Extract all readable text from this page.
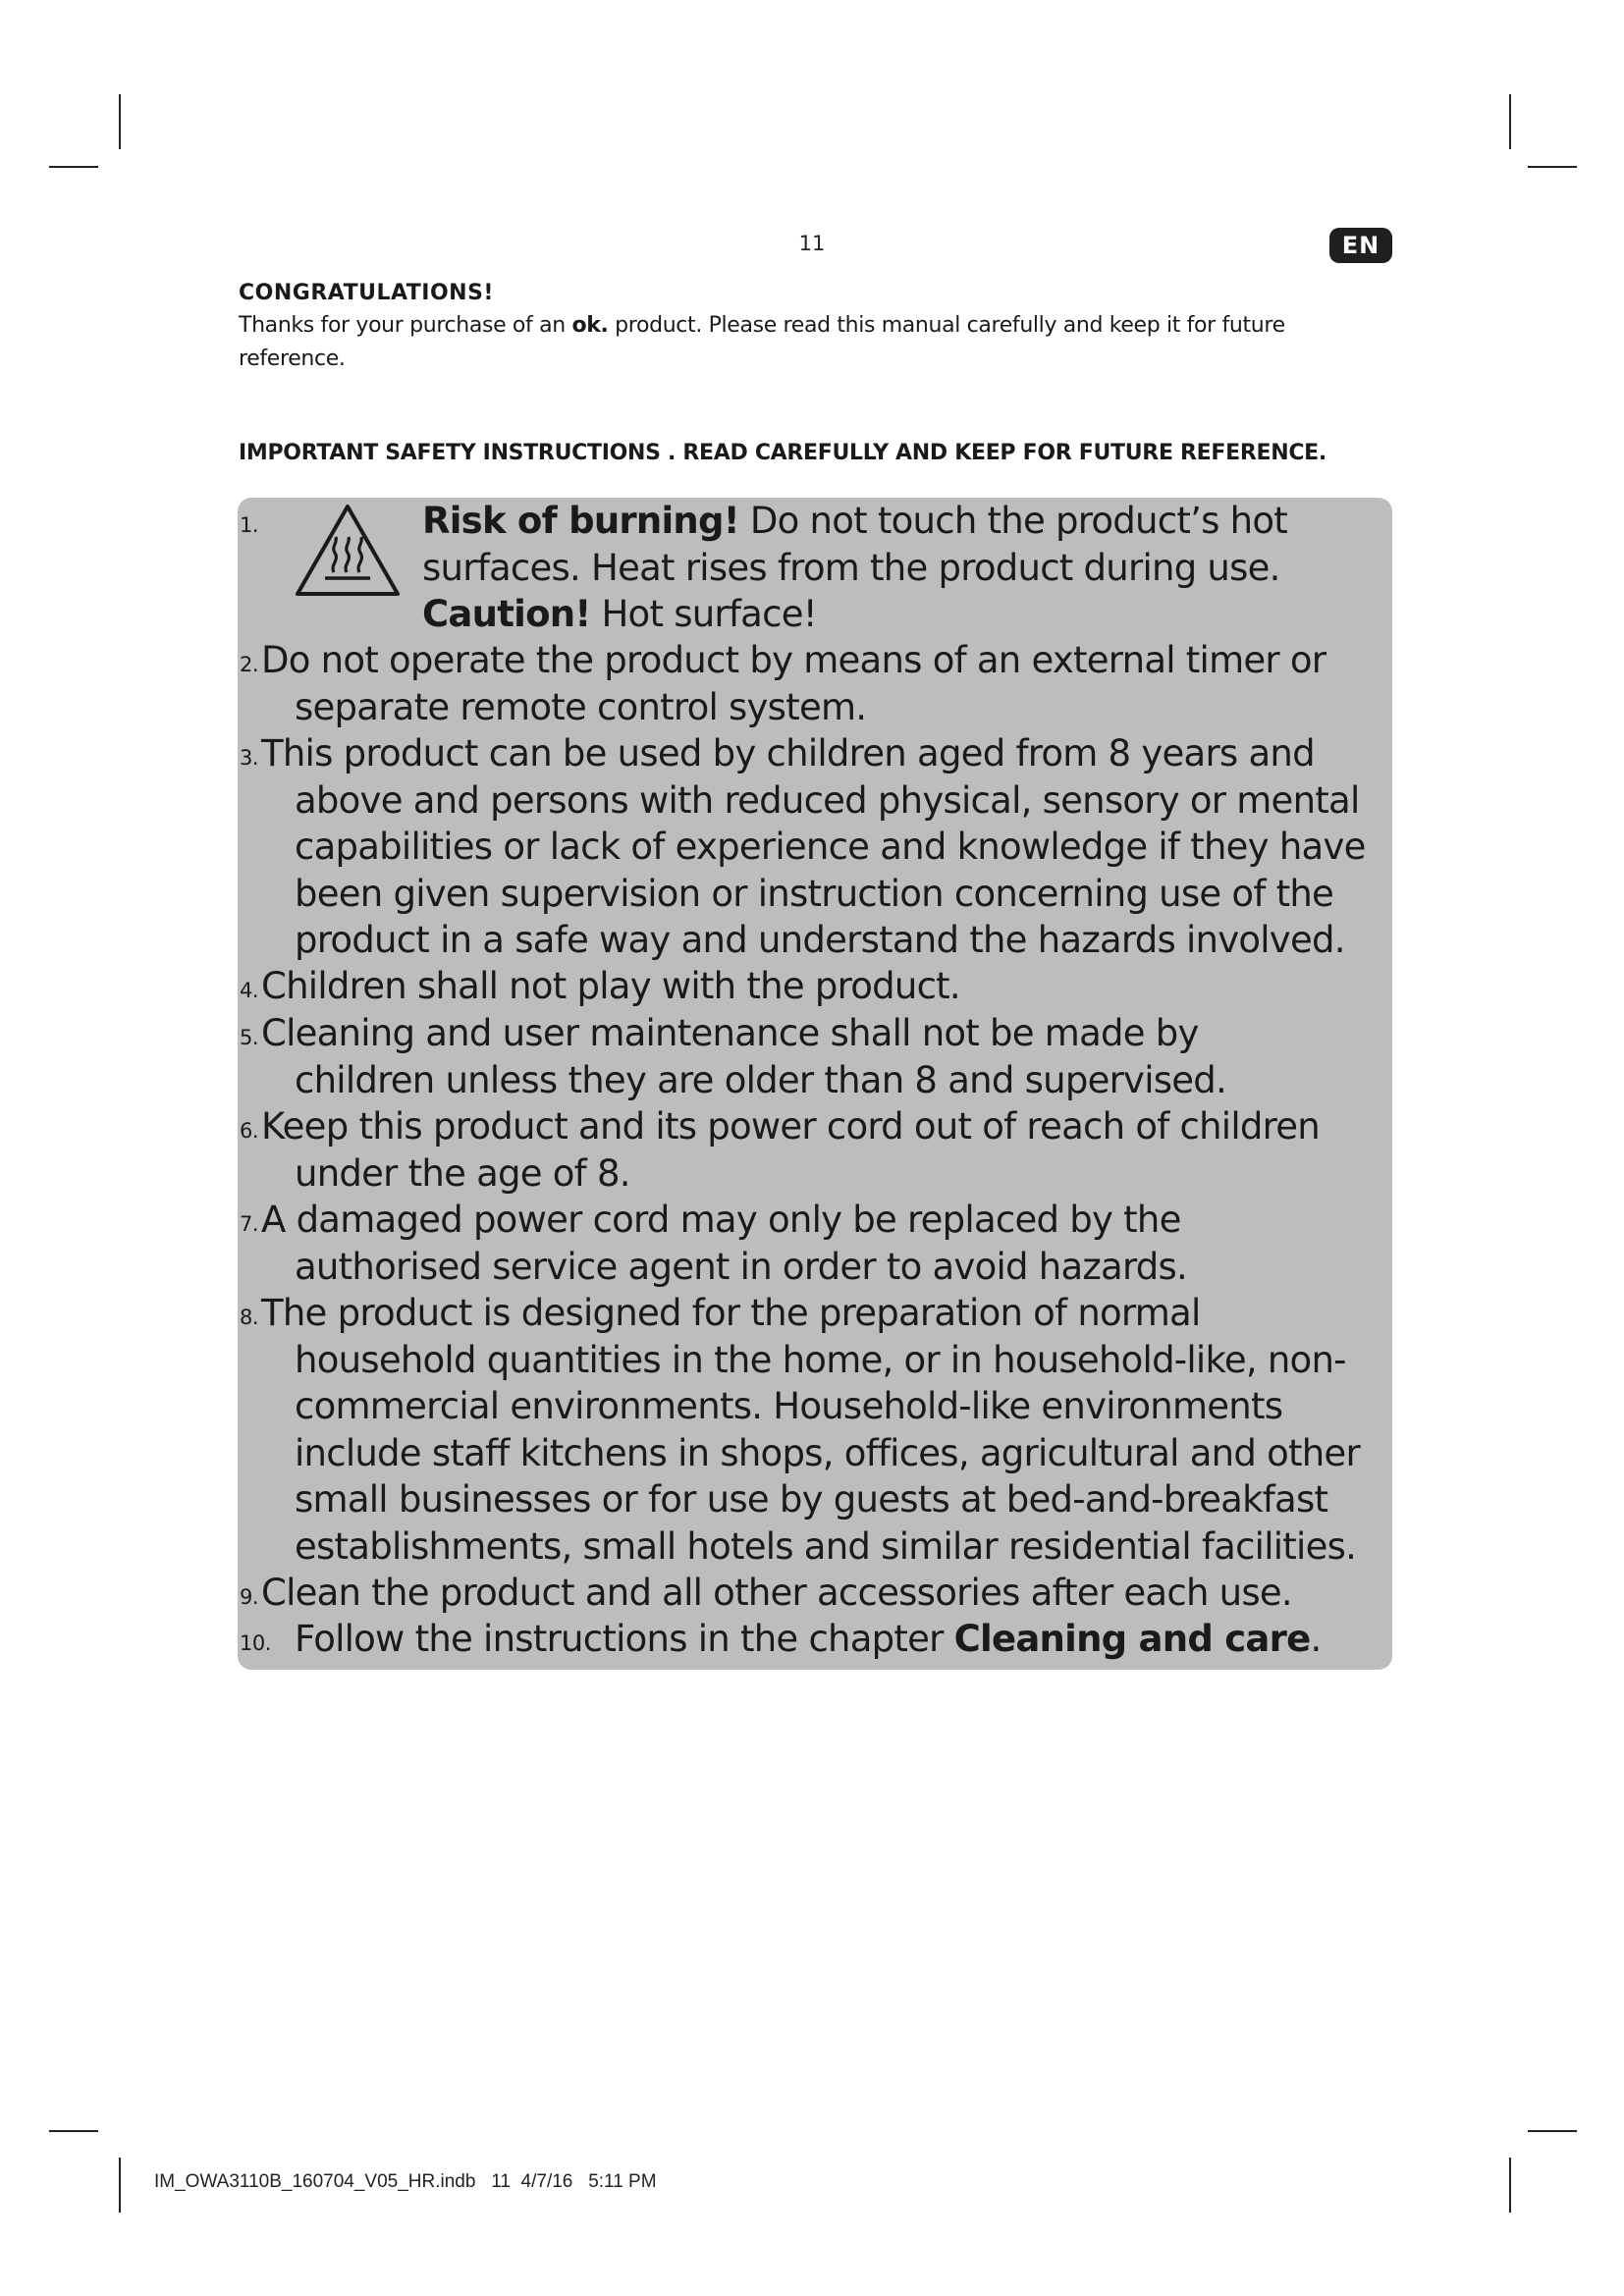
11	EN
CONGRATULATIONS!
Thanks for your purchase of an ok. product. Please read this manual carefully and keep it for future reference.
IMPORTANT SAFETY INSTRUCTIONS . READ CAREFULLY AND KEEP FOR FUTURE REFERENCE.
1.	Risk of burning! Do not touch the product’s hot
surfaces. Heat rises from the product during use.
Caution! Hot surface!
2. Do not operate the product by means of an external timer or
separate remote control system.
3. This product can be used by children aged from 8 years and
above and persons with reduced physical, sensory or mental
capabilities or lack of experience and knowledge if they have
been given supervision or instruction concerning use of the
product in a safe way and understand the hazards involved.
4. Children shall not play with the product.
5. Cleaning and user maintenance shall not be made by
children unless they are older than 8 and supervised.
6. Keep this product and its power cord out of reach of children
under the age of 8.
7. A damaged power cord may only be replaced by the
authorised service agent in order to avoid hazards.
8. The product is designed for the preparation of normal
household quantities in the home, or in household-like, non-
commercial environments. Household-like environments
include staff kitchens in shops, offices, agricultural and other
small businesses or for use by guests at bed-and-breakfast
establishments, small hotels and similar residential facilities.
9. Clean the product and all other accessories after each use.
10. Follow the instructions in the chapter Cleaning and care.
IM_OWA3110B_160704_V05_HR.indb   11  4/7/16   5:11 PM
